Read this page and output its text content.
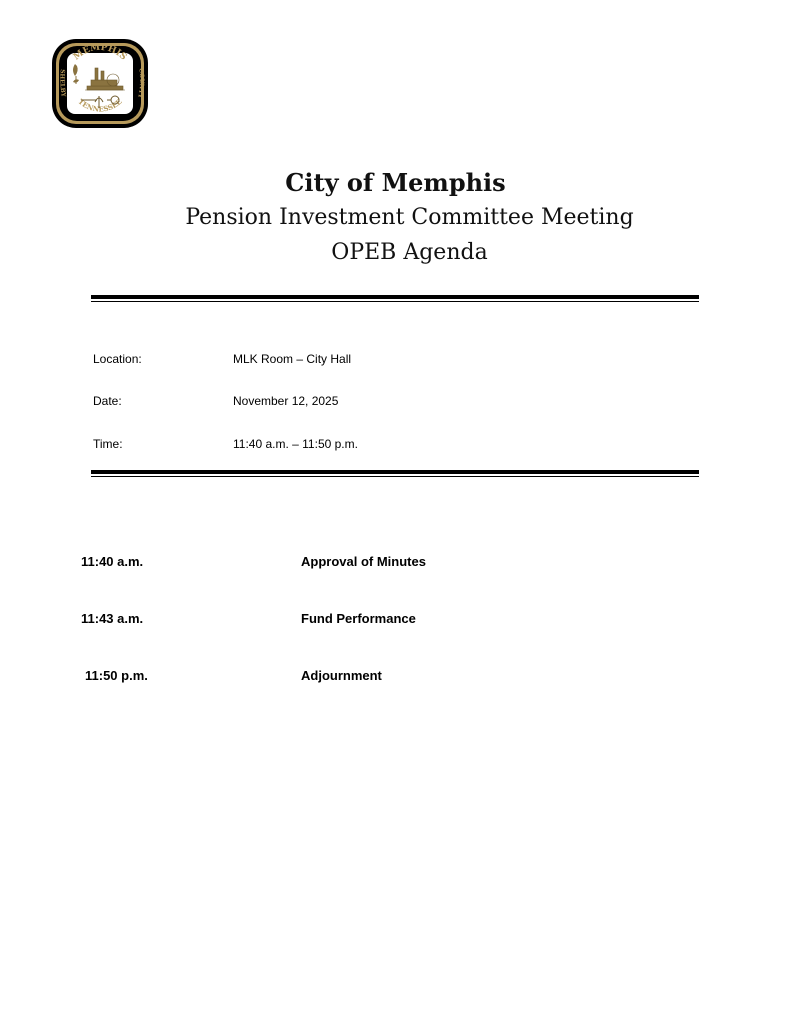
MEMPHIS
TENNESSEE
SHELBY
COUNTY
City of Memphis
Pension Investment Committee Meeting
OPEB Agenda
Location:	MLK Room – City Hall
Date:	November 12, 2025
Time:	11:40 a.m. – 11:50 p.m.
11:40 a.m.	Approval of Minutes
11:43 a.m.	Fund Performance
11:50 p.m.	Adjournment
